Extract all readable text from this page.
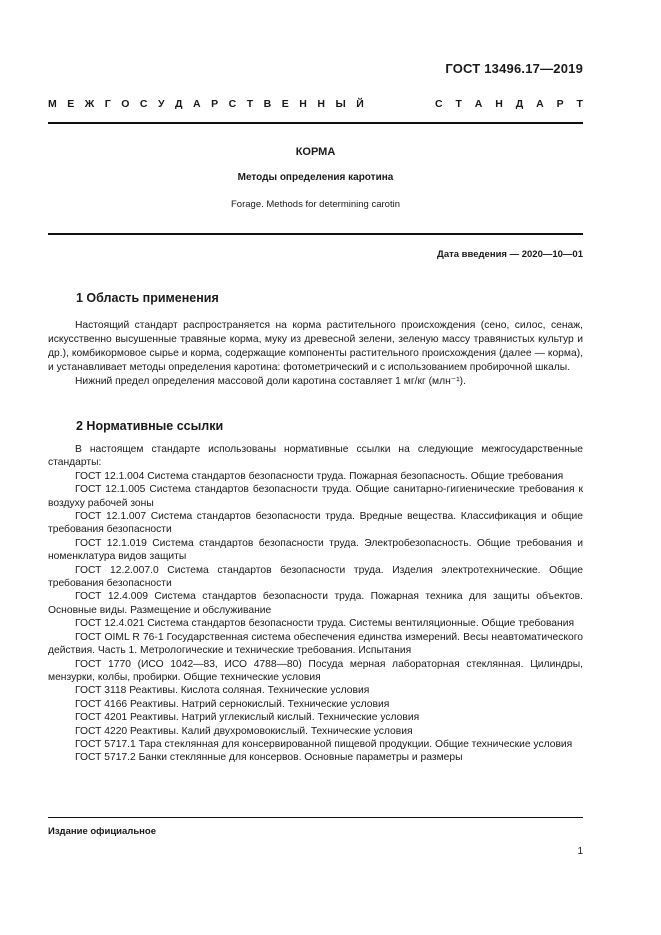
ГОСТ 13496.17—2019
М Е Ж Г О С У Д А Р С Т В Е Н Н Ы Й	С Т А Н Д А Р Т
КОРМА
Методы определения каротина
Forage. Methods for determining carotin
Дата введения — 2020—10—01
1 Область применения

Настоящий стандарт распространяется на корма растительного происхождения (сено, силос, сенаж, искусственно высушенные травяные корма, муку из древесной зелени, зеленую массу травянистых культур и др.), комбикормовое сырье и корма, содержащие компоненты растительного происхождения (далее — корма), и устанавливает методы определения каротина: фотометрический и с использованием пробирочной шкалы.

Нижний предел определения массовой доли каротина составляет 1 мг/кг (млн⁻¹).

2 Нормативные ссылки

В настоящем стандарте использованы нормативные ссылки на следующие межгосударственные стандарты:

ГОСТ 12.1.004 Система стандартов безопасности труда. Пожарная безопасность. Общие требования

ГОСТ 12.1.005 Система стандартов безопасности труда. Общие санитарно-гигиенические требования к воздуху рабочей зоны

ГОСТ 12.1.007 Система стандартов безопасности труда. Вредные вещества. Классификация и общие требования безопасности

ГОСТ 12.1.019 Система стандартов безопасности труда. Электробезопасность. Общие требования и номенклатура видов защиты

ГОСТ 12.2.007.0 Система стандартов безопасности труда. Изделия электротехнические. Общие требования безопасности

ГОСТ 12.4.009 Система стандартов безопасности труда. Пожарная техника для защиты объектов. Основные виды. Размещение и обслуживание

ГОСТ 12.4.021 Система стандартов безопасности труда. Системы вентиляционные. Общие требования

ГОСТ OIML R 76-1 Государственная система обеспечения единства измерений. Весы неавтоматического действия. Часть 1. Метрологические и технические требования. Испытания

ГОСТ 1770 (ИСО 1042—83, ИСО 4788—80) Посуда мерная лабораторная стеклянная. Цилиндры, мензурки, колбы, пробирки. Общие технические условия

ГОСТ 3118 Реактивы. Кислота соляная. Технические условия

ГОСТ 4166 Реактивы. Натрий сернокислый. Технические условия

ГОСТ 4201 Реактивы. Натрий углекислый кислый. Технические условия

ГОСТ 4220 Реактивы. Калий двухромовокислый. Технические условия

ГОСТ 5717.1 Тара стеклянная для консервированной пищевой продукции. Общие технические условия

ГОСТ 5717.2 Банки стеклянные для консервов. Основные параметры и размеры

Издание официальное
1
